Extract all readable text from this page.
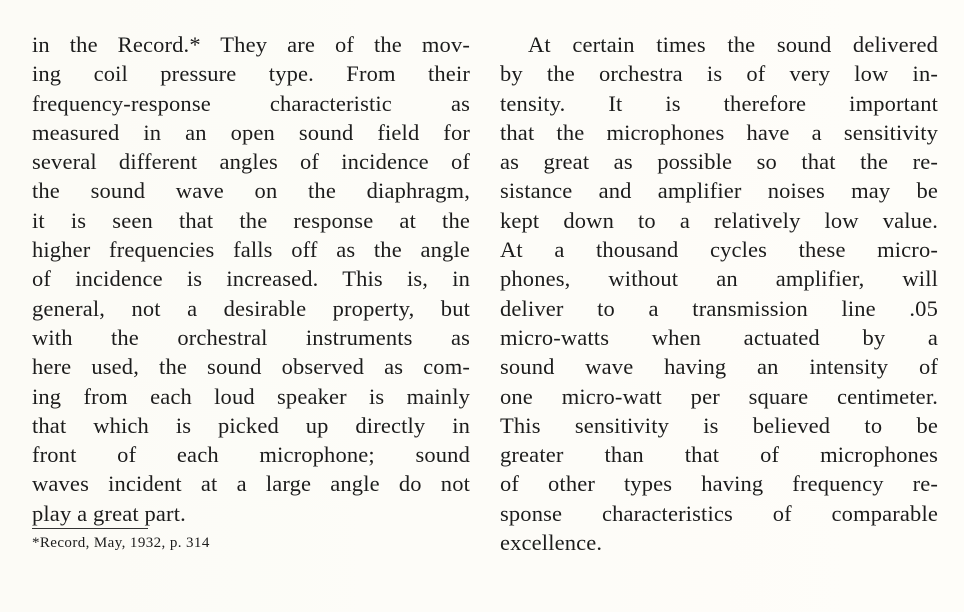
in the Record.* They are of the mov-
ing coil pressure type. From their
frequency-response characteristic as
measured in an open sound field for
several different angles of incidence of
the sound wave on the diaphragm,
it is seen that the response at the
higher frequencies falls off as the angle
of incidence is increased. This is, in
general, not a desirable property, but
with the orchestral instruments as
here used, the sound observed as com-
ing from each loud speaker is mainly
that which is picked up directly in
front of each microphone; sound
waves incident at a large angle do not
play a great part.
*Record, May, 1932, p. 314
At certain times the sound delivered
by the orchestra is of very low in-
tensity. It is therefore important
that the microphones have a sensitivity
as great as possible so that the re-
sistance and amplifier noises may be
kept down to a relatively low value.
At a thousand cycles these micro-
phones, without an amplifier, will
deliver to a transmission line .05
micro-watts when actuated by a
sound wave having an intensity of
one micro-watt per square centimeter.
This sensitivity is believed to be
greater than that of microphones
of other types having frequency re-
sponse characteristics of comparable
excellence.
